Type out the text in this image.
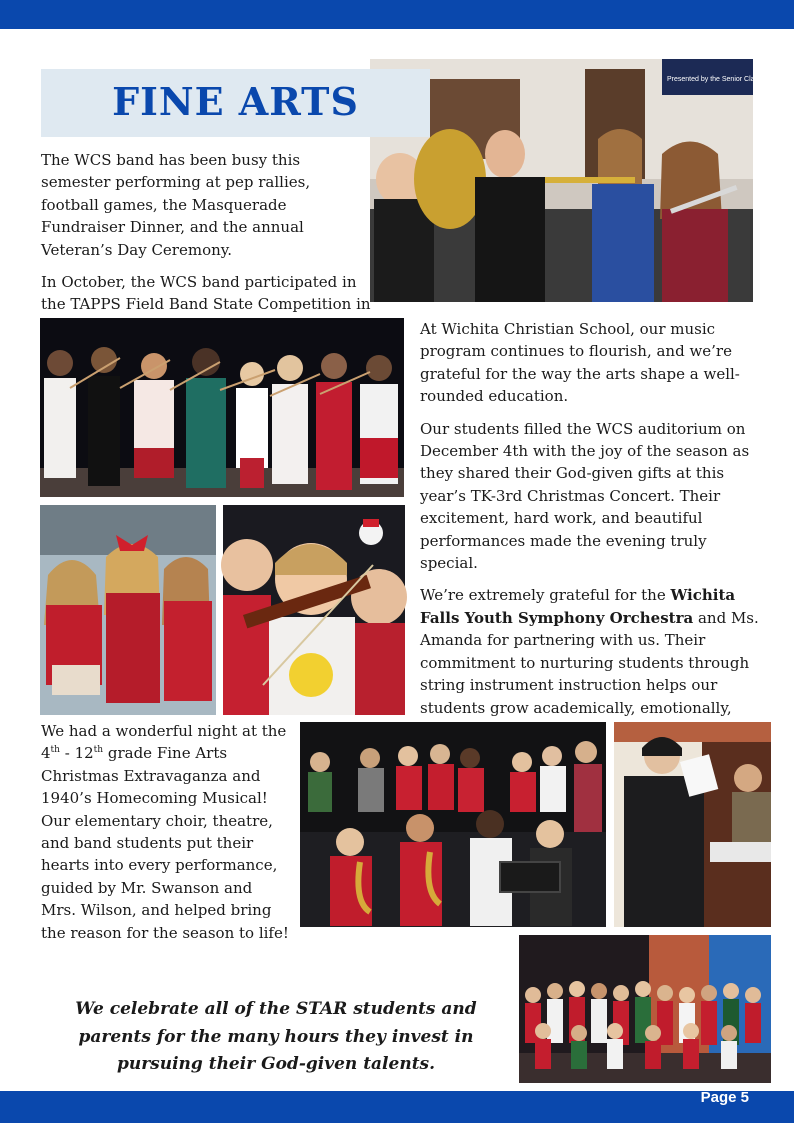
FINE ARTS	Presented by the Senior Class of 20

The WCS band has been busy this semester performing at pep rallies, football games, the Masquerade Fundraiser Dinner, and the annual Veteran’s Day Ceremony.

In October, the WCS band participated in the TAPPS Field Band State Competition in

At Wichita Christian School, our music program continues to flourish, and we’re grateful for the way the arts shape a well-rounded education.

Our students filled the WCS auditorium on December 4th with the joy of the season as they shared their God-given gifts at this year’s TK-3rd Christmas Concert. Their excitement, hard work, and beautiful performances made the evening truly special.

We’re extremely grateful for the Wichita Falls Youth Symphony Orchestra and Ms. Amanda for partnering with us. Their commitment to nurturing students through string instrument instruction helps our students grow academically, emotionally,

We had a wonderful night at the 4th - 12th grade Fine Arts Christmas Extravaganza and 1940’s Homecoming Musical! Our elementary choir, theatre, and band students put their hearts into every performance, guided by Mr. Swanson and Mrs. Wilson, and helped bring the reason for the season to life!

We celebrate all of the STAR students and parents for the many hours they invest in pursuing their God-given talents.
Page 5
